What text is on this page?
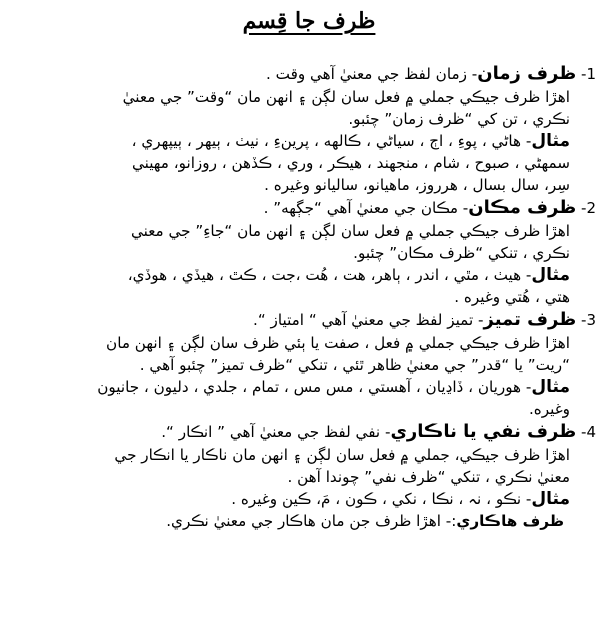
ظرف جا قِسم
1- ظرف زمان- زمان لفظ جي معنيٰ آهي وقت .
اهڙا ظرف جيڪي جملي ۾ فعل سان لڳن ۽ انهن مان “وقت” جي معنيٰ
نڪري ، تن کي “ظرف زمان” چئبو.
مثال- هاڻي ، پوءِ ، اڄ ، سياڻي ، ڪالهه ، پرينءِ ، نيٺ ، ٻيهر ، ٻيپهري ،
سمهڻي ، صبوح ، شام ، منجهند ، هيڪر ، وري ، ڪڏهن ، روزانو، مهيني
سِر، سال بسال ، هرروز، ماهيانو، ساليانو وغيره .
2- ظرف مڪان- مڪان جي معنيٰ آهي “جڳهه” .
اهڙا ظرف جيڪي جملي ۾ فعل سان لڳن ۽ انهن مان “جاءِ” جي معني
نڪري ، تنکي “ظرف مڪان” چئبو.
مثال- هيٺ ، مٿي ، اندر ، ٻاهر، هت ، هُت ،جت ، ڪٿ ، هيڏي ، هوڏي،
هتي ، هُتي وغيره .
3- ظرف تميز- تميز لفظ جي معنيٰ آهي “ امتياز “.
اهڙا ظرف جيڪي جملي ۾ فعل ، صفت يا ٻئي ظرف سان لڳن ۽ انهن مان
“ريت” يا “قدر” جي معنيٰ ظاهر ٿئي ، تنکي “ظرف تميز” چئبو آهي .
مثال- هوريان ، ڏاڍيان ، آهستي ، مس مس ، تمام ، جلدي ، دليون ، جانيون
وغيره.
4- ظرف نفي يا ناڪاري- نفي لفظ جي معنيٰ آهي ” انڪار “.
اهڙا ظرف جيڪي، جملي ۾ فعل سان لڳن ۽ انهن مان ناڪار يا انڪار جي
معنيٰ نڪري ، تنکي “ظرف نفي” چوندا آهن .
مثال- نڪو ، نہ ، نڪا ، نکي ، ڪون ، مَ، ڪين وغيره .
ظرف هاڪاري:- اهڙا ظرف جن مان هاڪار جي معنيٰ نڪري.
